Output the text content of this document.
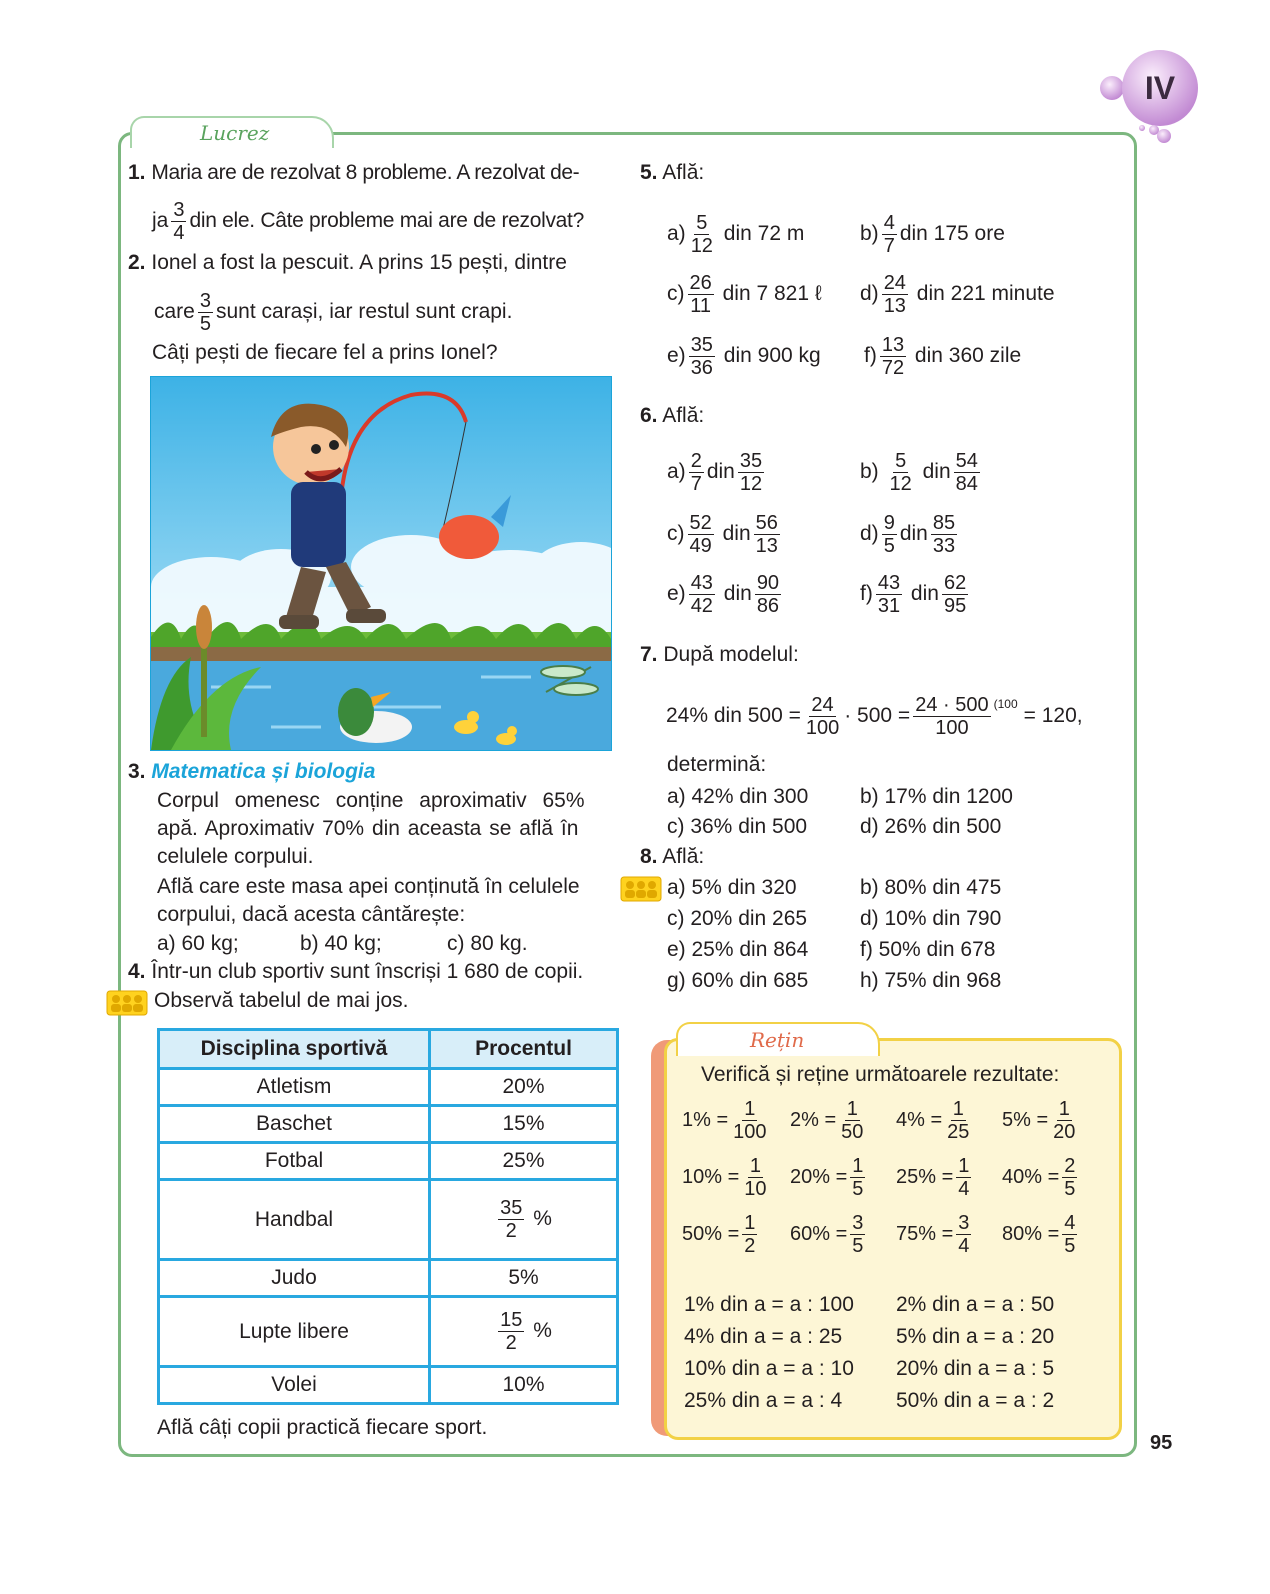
IV
Lucrez
1. Maria are de rezolvat 8 probleme. A rezolvat de-
ja $\frac{3}{4}$ din ele. Câte probleme mai are de rezolvat?
2. Ionel a fost la pescuit. A prins 15 pești, dintre
care $\frac{3}{5}$ sunt carași, iar restul sunt crapi.
Câți pești de fiecare fel a prins Ionel?
3. Matematica și biologia
Corpul omenesc conține aproximativ 65%
apă. Aproximativ 70% din aceasta se află în
celulele corpului.
Află care este masa apei conținută în celulele
corpului, dacă acesta cântărește:
a) 60 kg;	b) 40 kg;	c) 80 kg.
4. Într-un club sportiv sunt înscriși 1 680 de copii.
Observă tabelul de mai jos.
Disciplina sportivă	Procentul
Atletism	20%
Baschet	15%
Fotbal	25%
Handbal	$\frac{35}{2}$ %
Judo	5%
Lupte libere	$\frac{15}{2}$ %
Volei	10%
Află câți copii practică fiecare sport.
5. Află:
$a) \frac{5}{12}$ din 72 m	$b) \frac{4}{7}$ din 175 ore
$c) \frac{26}{11}$ din 7 821 ℓ $d) \frac{24}{13}$ din 221 minute
$e) \frac{35}{36}$ din 900 kg $f) \frac{13}{72}$ din 360 zile
6. Află:
$a) \frac{2}{7}$ din $\frac{35}{12}$	$b) \frac{5}{12}$ din $\frac{54}{84}$
$c) \frac{52}{49}$ din $\frac{56}{13}$	$d) \frac{9}{5}$ din $\frac{85}{33}$
$e) \frac{43}{42}$ din $\frac{90}{86}$	$f) \frac{43}{31}$ din $\frac{62}{95}$
7. După modelul:
24% din $500 = \frac{24}{100} \cdot 500 = \frac{24 \cdot 500}{100} ^{(100} = 120$,
determină:
a) 42% din 300 b) 17% din 1200
c) 36% din 500	d) 26% din 500
8. Află:
a) 5% din 320	b) 80% din 475
c) 20% din 265	d) 10% din 790
e) 25% din 864 f) 50% din 678
g) 60% din 685 h) 75% din 968
Rețin
Verifică și reține următoarele rezultate:
$1\% = \frac{1}{100} 2\% = \frac{1}{50} 4\% = \frac{1}{25} 5\% = \frac{1}{20}$
$10\% = \frac{1}{10} 20\% = \frac{1}{5} 25\% = \frac{1}{4} 40\% = \frac{2}{5}$
$50\% = \frac{1}{2} 60\% = \frac{3}{5} 75\% = \frac{3}{4} 80\% = \frac{4}{5}$
1% din a = a : 100	2% din a = a : 50
4% din a = a : 25	5% din a = a : 20
10% din a = a : 10	20% din a = a : 5
25% din a = a : 4	50% din a = a : 2
95
